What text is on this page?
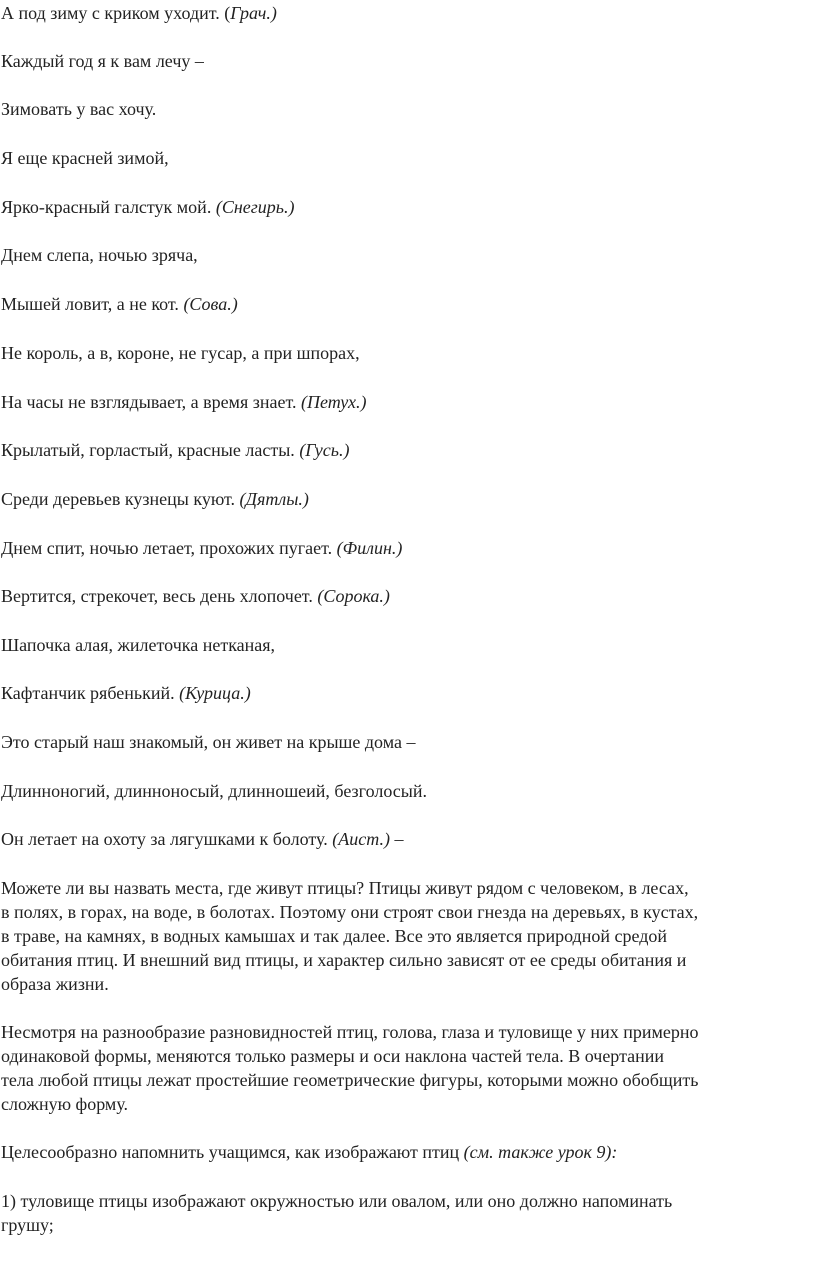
А под зиму с криком уходит. (Грач.)
Каждый год я к вам лечу –
Зимовать у вас хочу.
Я еще красней зимой,
Ярко-красный галстук мой. (Снегирь.)
Днем слепа, ночью зряча,
Мышей ловит, а не кот. (Сова.)
Не король, а в, короне, не гусар, а при шпорах,
На часы не взглядывает, а время знает. (Петух.)
Крылатый, горластый, красные ласты. (Гусь.)
Среди деревьев кузнецы куют. (Дятлы.)
Днем спит, ночью летает, прохожих пугает. (Филин.)
Вертится, стрекочет, весь день хлопочет. (Сорока.)
Шапочка алая, жилеточка нетканая,
Кафтанчик рябенький. (Курица.)
Это старый наш знакомый, он живет на крыше дома –
Длинноногий, длинноносый, длинношеий, безголосый.
Он летает на охоту за лягушками к болоту. (Аист.) –
Можете ли вы назвать места, где живут птицы? Птицы живут рядом с человеком, в лесах,
в полях, в горах, на воде, в болотах. Поэтому они строят свои гнезда на деревьях, в кустах,
в траве, на камнях, в водных камышах и так далее. Все это является природной средой
обитания птиц. И внешний вид птицы, и характер сильно зависят от ее среды обитания и
образа жизни.
Несмотря на разнообразие разновидностей птиц, голова, глаза и туловище у них примерно
одинаковой формы, меняются только размеры и оси наклона частей тела. В очертании
тела любой птицы лежат простейшие геометрические фигуры, которыми можно обобщить
сложную форму.
Целесообразно напомнить учащимся, как изображают птиц (см. также урок 9):
1) туловище птицы изображают окружностью или овалом, или оно должно напоминать
грушу;
